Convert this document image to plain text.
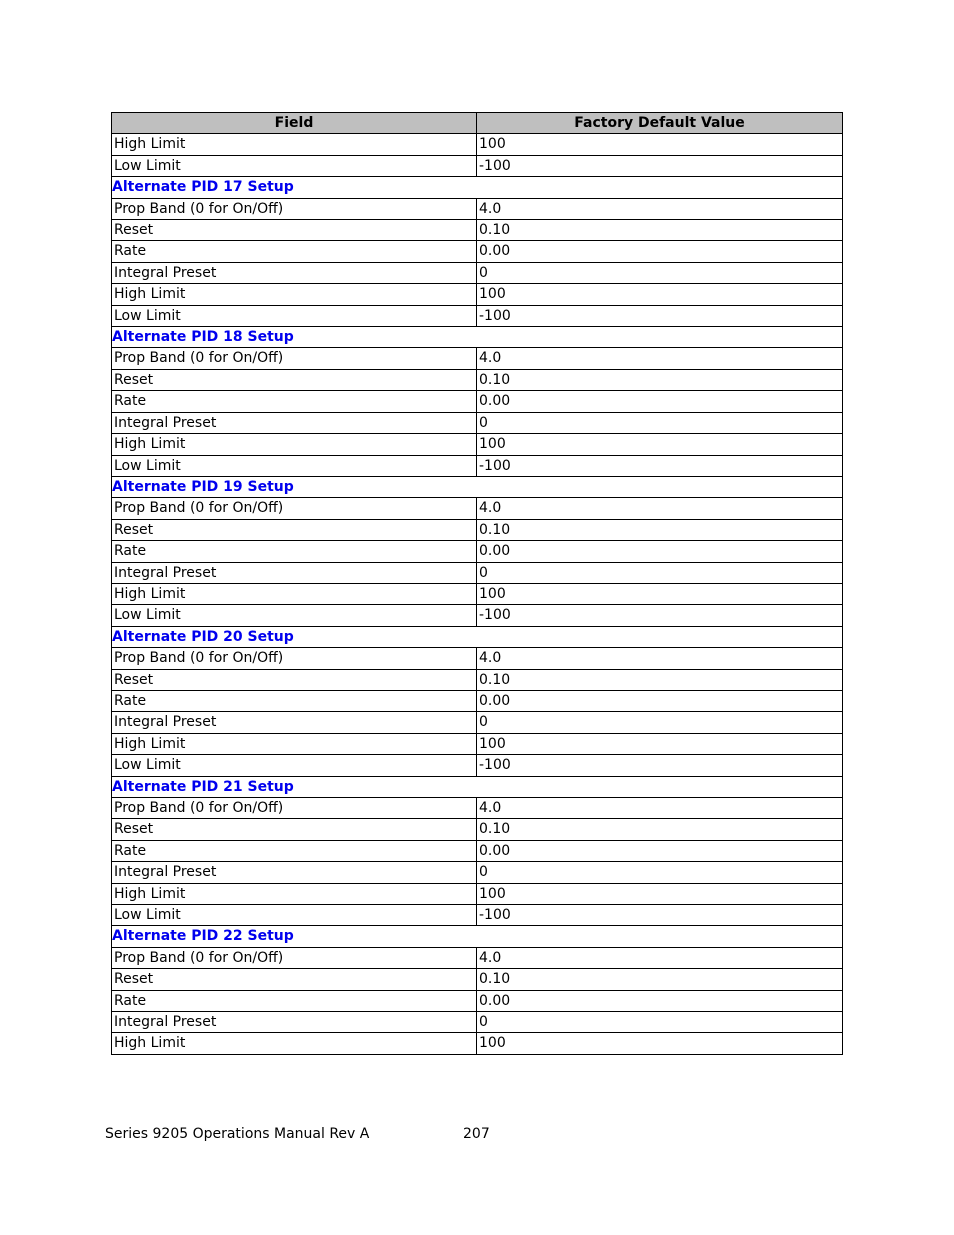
Field	Factory Default Value
High Limit	100
Low Limit	-100
Alternate PID 17 Setup	
Prop Band (0 for On/Off)	4.0
Reset	0.10
Rate	0.00
Integral Preset	0
High Limit	100
Low Limit	-100
Alternate PID 18 Setup	
Prop Band (0 for On/Off)	4.0
Reset	0.10
Rate	0.00
Integral Preset	0
High Limit	100
Low Limit	-100
Alternate PID 19 Setup	
Prop Band (0 for On/Off)	4.0
Reset	0.10
Rate	0.00
Integral Preset	0
High Limit	100
Low Limit	-100
Alternate PID 20 Setup	
Prop Band (0 for On/Off)	4.0
Reset	0.10
Rate	0.00
Integral Preset	0
High Limit	100
Low Limit	-100
Alternate PID 21 Setup	
Prop Band (0 for On/Off)	4.0
Reset	0.10
Rate	0.00
Integral Preset	0
High Limit	100
Low Limit	-100
Alternate PID 22 Setup	
Prop Band (0 for On/Off)	4.0
Reset	0.10
Rate	0.00
Integral Preset	0
High Limit	100
Series 9205 Operations Manual Rev A	207
